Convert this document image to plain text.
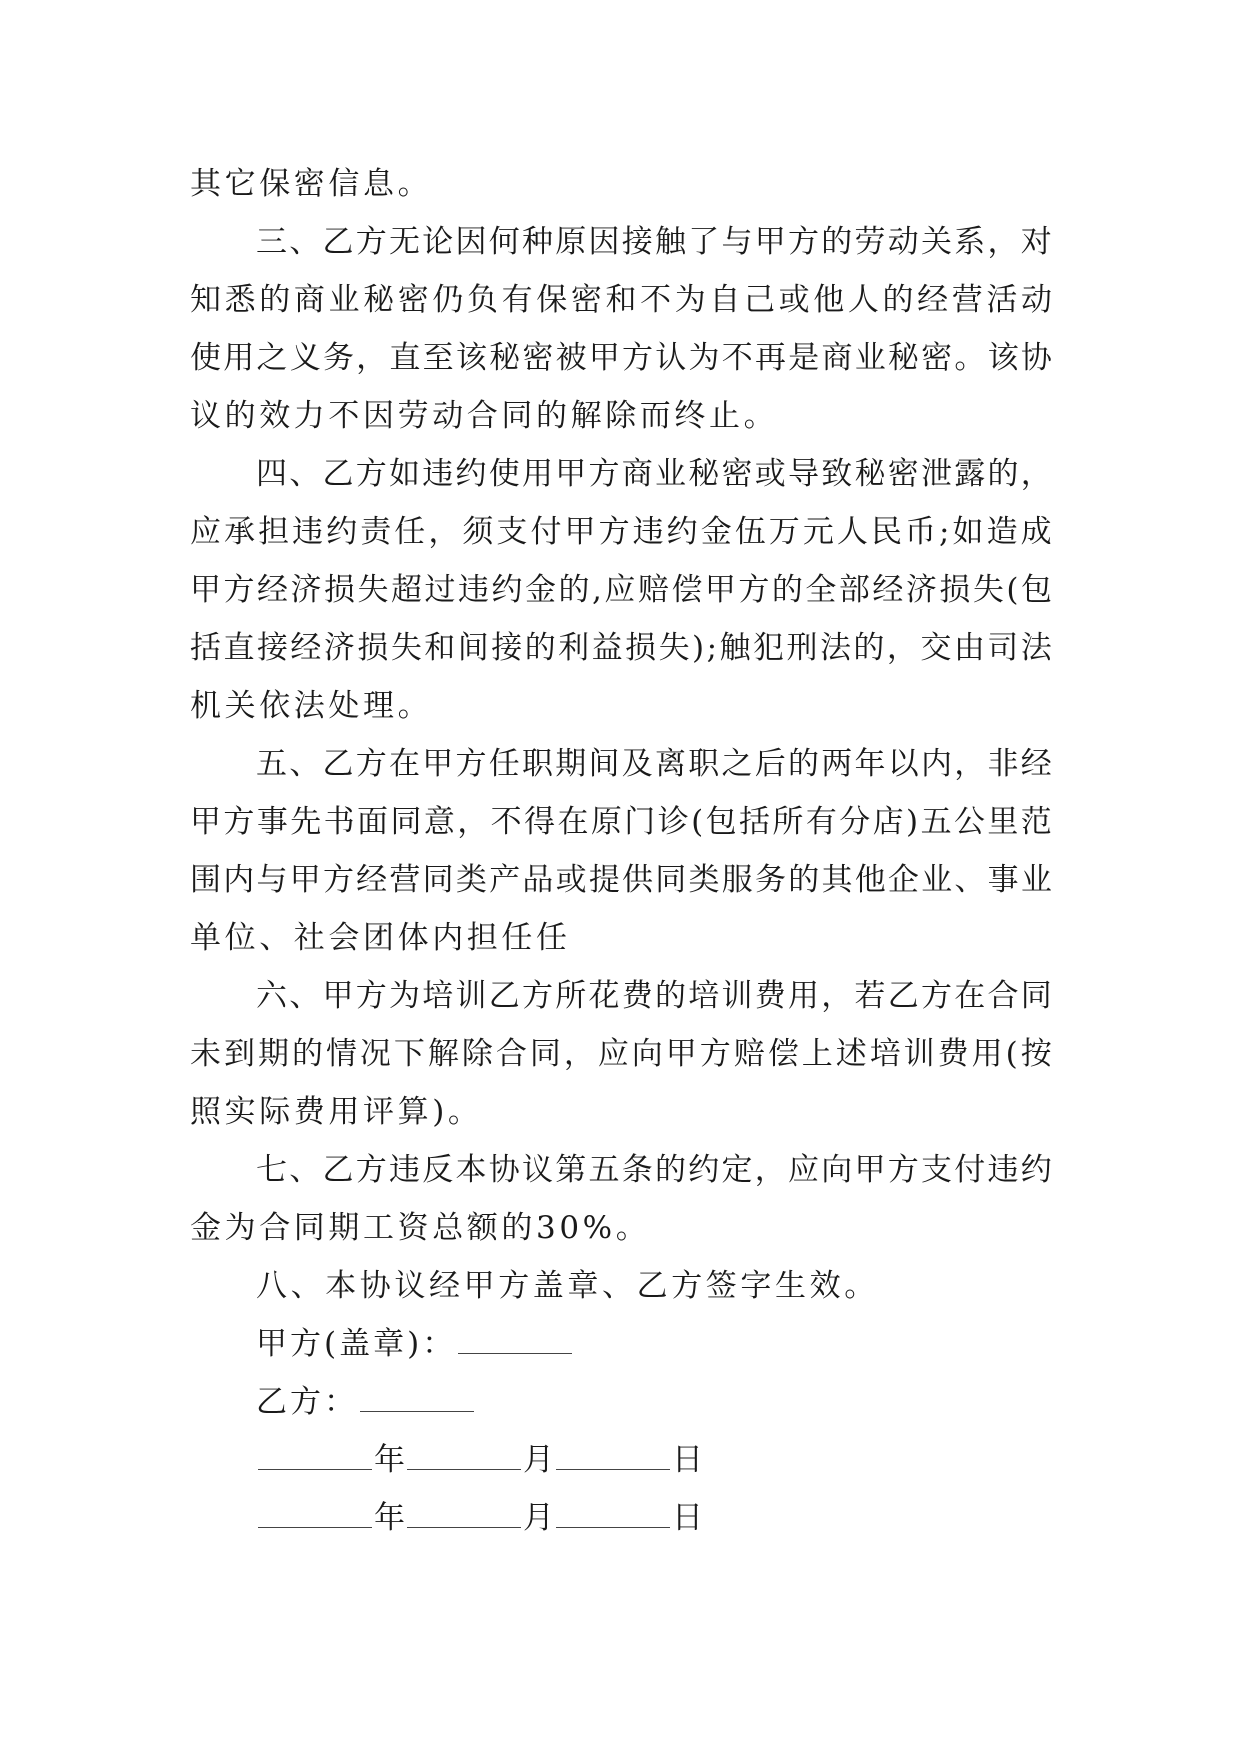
其它保密信息。
三 、 乙 方 无 论 因 何 种 原 因 接 触 了 与 甲 方 的 劳 动 关 系 ， 对
知 悉 的 商 业 秘 密 仍 负 有 保 密 和 不 为 自 己 或 他 人 的 经 营 活 动
使 用 之 义 务 ， 直 至 该 秘 密 被 甲 方 认 为 不 再 是 商 业 秘 密 。 该 协
议的效力不因劳动合同的解除而终止。
四 、 乙 方 如 违 约 使 用 甲 方 商 业 秘 密 或 导 致 秘 密 泄 露 的 ，
应 承 担 违 约 责 任 ， 须 支 付 甲 方 违 约 金 伍 万 元 人 民 币 ; 如 造 成
甲 方 经 济 损 失 超 过 违 约 金 的 , 应 赔 偿 甲 方 的 全 部 经 济 损 失 ( 包
括 直 接 经 济 损 失 和 间 接 的 利 益 损 失 ) ; 触 犯 刑 法 的 ， 交 由 司 法
机关依法处理。
五 、 乙 方 在 甲 方 任 职 期 间 及 离 职 之 后 的 两 年 以 内 ， 非 经
甲 方 事 先 书 面 同 意 ， 不 得 在 原 门 诊 ( 包 括 所 有 分 店 ) 五 公 里 范
围 内 与 甲 方 经 营 同 类 产 品 或 提 供 同 类 服 务 的 其 他 企 业 、 事 业
单位、社会团体内担任任
六 、 甲 方 为 培 训 乙 方 所 花 费 的 培 训 费 用 ， 若 乙 方 在 合 同
未 到 期 的 情 况 下 解 除 合 同 ， 应 向 甲 方 赔 偿 上 述 培 训 费 用 ( 按
照实际费用评算)。
七 、 乙 方 违 反 本 协 议 第 五 条 的 约 定 ， 应 向 甲 方 支 付 违 约
金为合同期工资总额的30%。
八、本协议经甲方盖章、乙方签字生效。
甲方(盖章)：
乙方：
年	月	日
年	月	日
